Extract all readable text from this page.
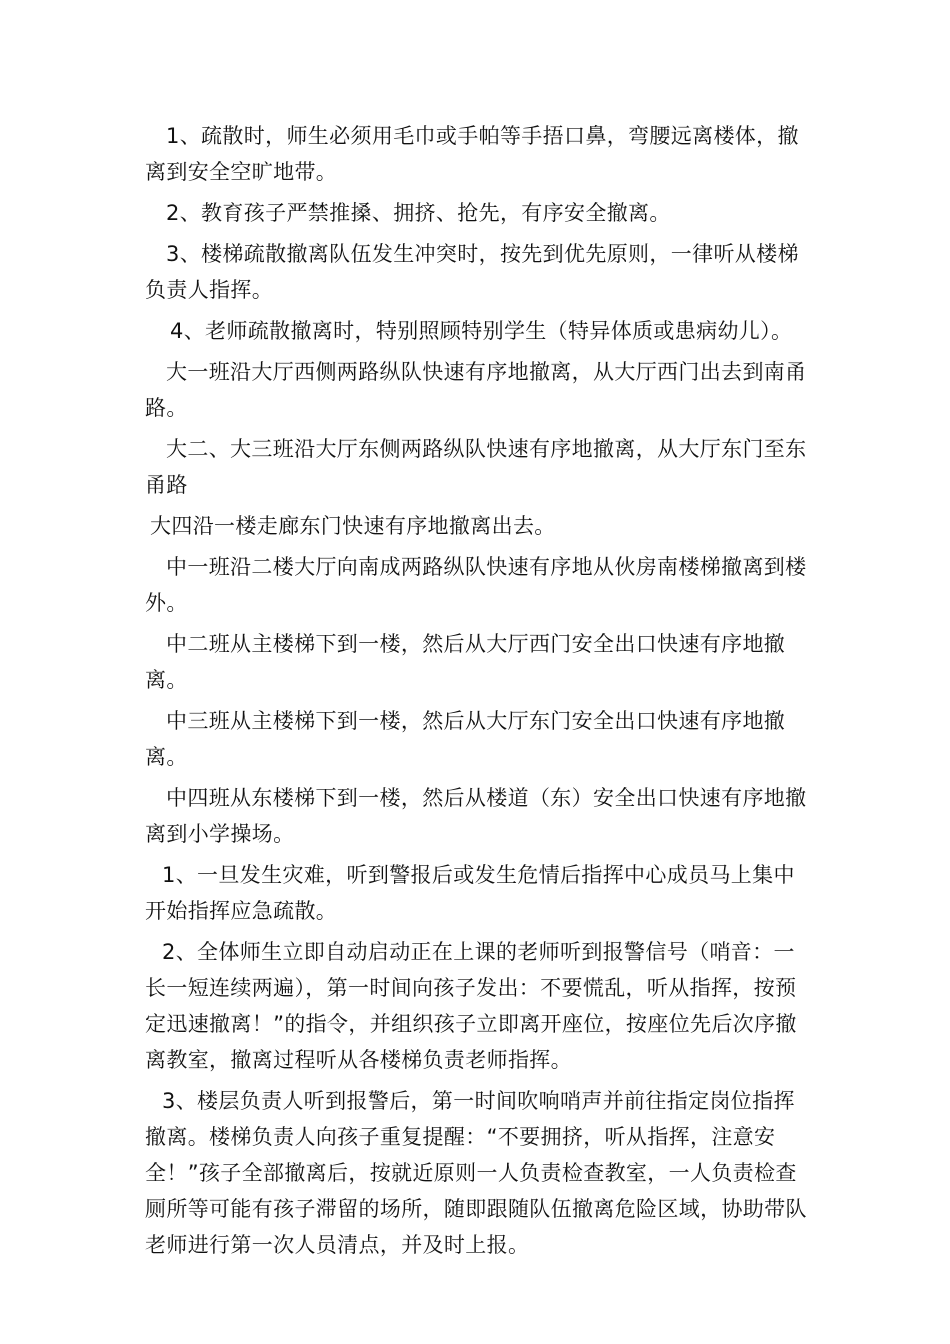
1、疏散时，师生必须用毛巾或手帕等手捂口鼻，弯腰远离楼体，撤离到安全空旷地带。

2、教育孩子严禁推搡、拥挤、抢先，有序安全撤离。

3、楼梯疏散撤离队伍发生冲突时，按先到优先原则，一律听从楼梯负责人指挥。

4、老师疏散撤离时，特别照顾特别学生（特异体质或患病幼儿）。

大一班沿大厅西侧两路纵队快速有序地撤离，从大厅西门出去到南甬路。

大二、大三班沿大厅东侧两路纵队快速有序地撤离，从大厅东门至东甬路

大四沿一楼走廊东门快速有序地撤离出去。

中一班沿二楼大厅向南成两路纵队快速有序地从伙房南楼梯撤离到楼外。

中二班从主楼梯下到一楼，然后从大厅西门安全出口快速有序地撤离。

中三班从主楼梯下到一楼，然后从大厅东门安全出口快速有序地撤离。

中四班从东楼梯下到一楼，然后从楼道（东）安全出口快速有序地撤离到小学操场。

1、一旦发生灾难，听到警报后或发生危情后指挥中心成员马上集中开始指挥应急疏散。

2、全体师生立即自动启动正在上课的老师听到报警信号（哨音：一长一短连续两遍），第一时间向孩子发出：不要慌乱，听从指挥，按预定迅速撤离！”的指令，并组织孩子立即离开座位，按座位先后次序撤离教室，撤离过程听从各楼梯负责老师指挥。

3、楼层负责人听到报警后，第一时间吹响哨声并前往指定岗位指挥撤离。楼梯负责人向孩子重复提醒：“不要拥挤，听从指挥，注意安全！”孩子全部撤离后，按就近原则一人负责检查教室，一人负责检查厕所等可能有孩子滞留的场所，随即跟随队伍撤离危险区域，协助带队老师进行第一次人员清点，并及时上报。
